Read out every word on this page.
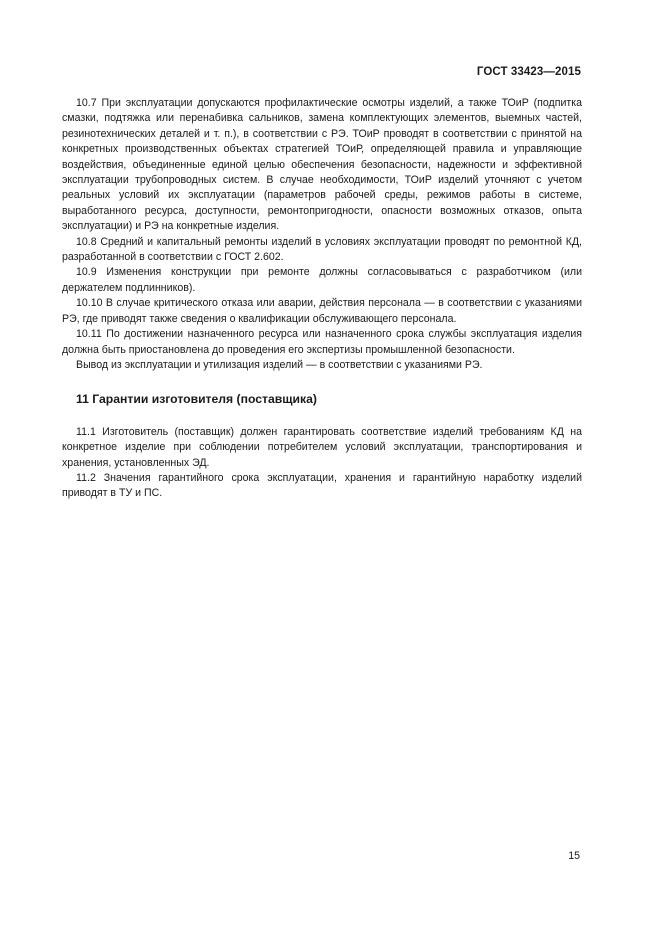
ГОСТ 33423—2015

10.7 При эксплуатации допускаются профилактические осмотры изделий, а также ТОиР (подпитка смазки, подтяжка или перенабивка сальников, замена комплектующих элементов, выемных частей, резинотехнических деталей и т. п.), в соответствии с РЭ. ТОиР проводят в соответствии с принятой на конкретных производственных объектах стратегией ТОиР, определяющей правила и управляющие воздействия, объединенные единой целью обеспечения безопасности, надежности и эффективной эксплуатации трубопроводных систем. В случае необходимости, ТОиР изделий уточняют с учетом реальных условий их эксплуатации (параметров рабочей среды, режимов работы в системе, выработанного ресурса, доступности, ремонтопригодности, опасности возможных отказов, опыта эксплуатации) и РЭ на конкретные изделия.

10.8 Средний и капитальный ремонты изделий в условиях эксплуатации проводят по ремонтной КД, разработанной в соответствии с ГОСТ 2.602.

10.9 Изменения конструкции при ремонте должны согласовываться с разработчиком (или держателем подлинников).

10.10 В случае критического отказа или аварии, действия персонала — в соответствии с указаниями РЭ, где приводят также сведения о квалификации обслуживающего персонала.

10.11 По достижении назначенного ресурса или назначенного срока службы эксплуатация изделия должна быть приостановлена до проведения его экспертизы промышленной безопасности.

Вывод из эксплуатации и утилизация изделий — в соответствии с указаниями РЭ.

11 Гарантии изготовителя (поставщика)

11.1 Изготовитель (поставщик) должен гарантировать соответствие изделий требованиям КД на конкретное изделие при соблюдении потребителем условий эксплуатации, транспортирования и хранения, установленных ЭД.

11.2 Значения гарантийного срока эксплуатации, хранения и гарантийную наработку изделий приводят в ТУ и ПС.

15
